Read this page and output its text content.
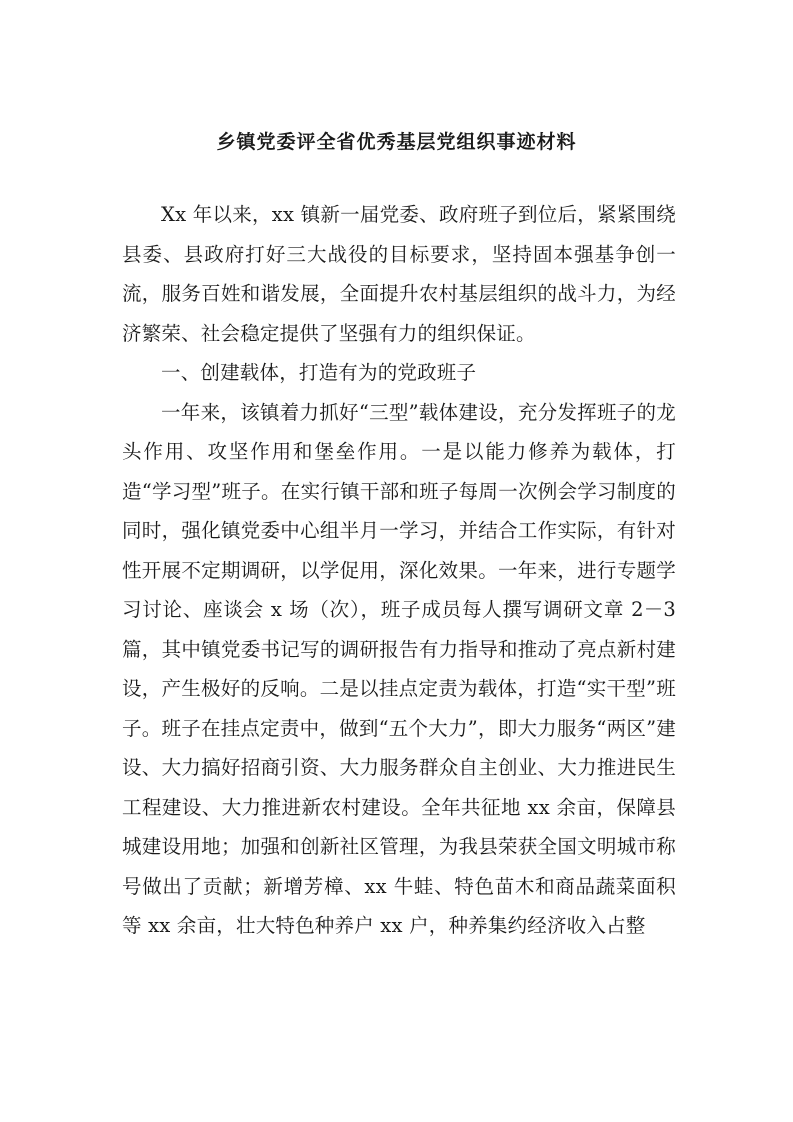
乡镇党委评全省优秀基层党组织事迹材料

Xx 年以来，xx 镇新一届党委、政府班子到位后，紧紧围绕县委、县政府打好三大战役的目标要求，坚持固本强基争创一流，服务百姓和谐发展，全面提升农村基层组织的战斗力，为经济繁荣、社会稳定提供了坚强有力的组织保证。

一、创建载体，打造有为的党政班子

一年来，该镇着力抓好“三型”载体建设，充分发挥班子的龙头作用、攻坚作用和堡垒作用。一是以能力修养为载体，打造“学习型”班子。在实行镇干部和班子每周一次例会学习制度的同时，强化镇党委中心组半月一学习，并结合工作实际，有针对性开展不定期调研，以学促用，深化效果。一年来，进行专题学习讨论、座谈会 x 场（次），班子成员每人撰写调研文章 2－3 篇，其中镇党委书记写的调研报告有力指导和推动了亮点新村建设，产生极好的反响。二是以挂点定责为载体，打造“实干型”班子。班子在挂点定责中，做到“五个大力”，即大力服务“两区”建设、大力搞好招商引资、大力服务群众自主创业、大力推进民生工程建设、大力推进新农村建设。全年共征地 xx 余亩，保障县城建设用地；加强和创新社区管理，为我县荣获全国文明城市称号做出了贡献；新增芳樟、xx 牛蛙、特色苗木和商品蔬菜面积等 xx 余亩，壮大特色种养户 xx 户，种养集约经济收入占整
